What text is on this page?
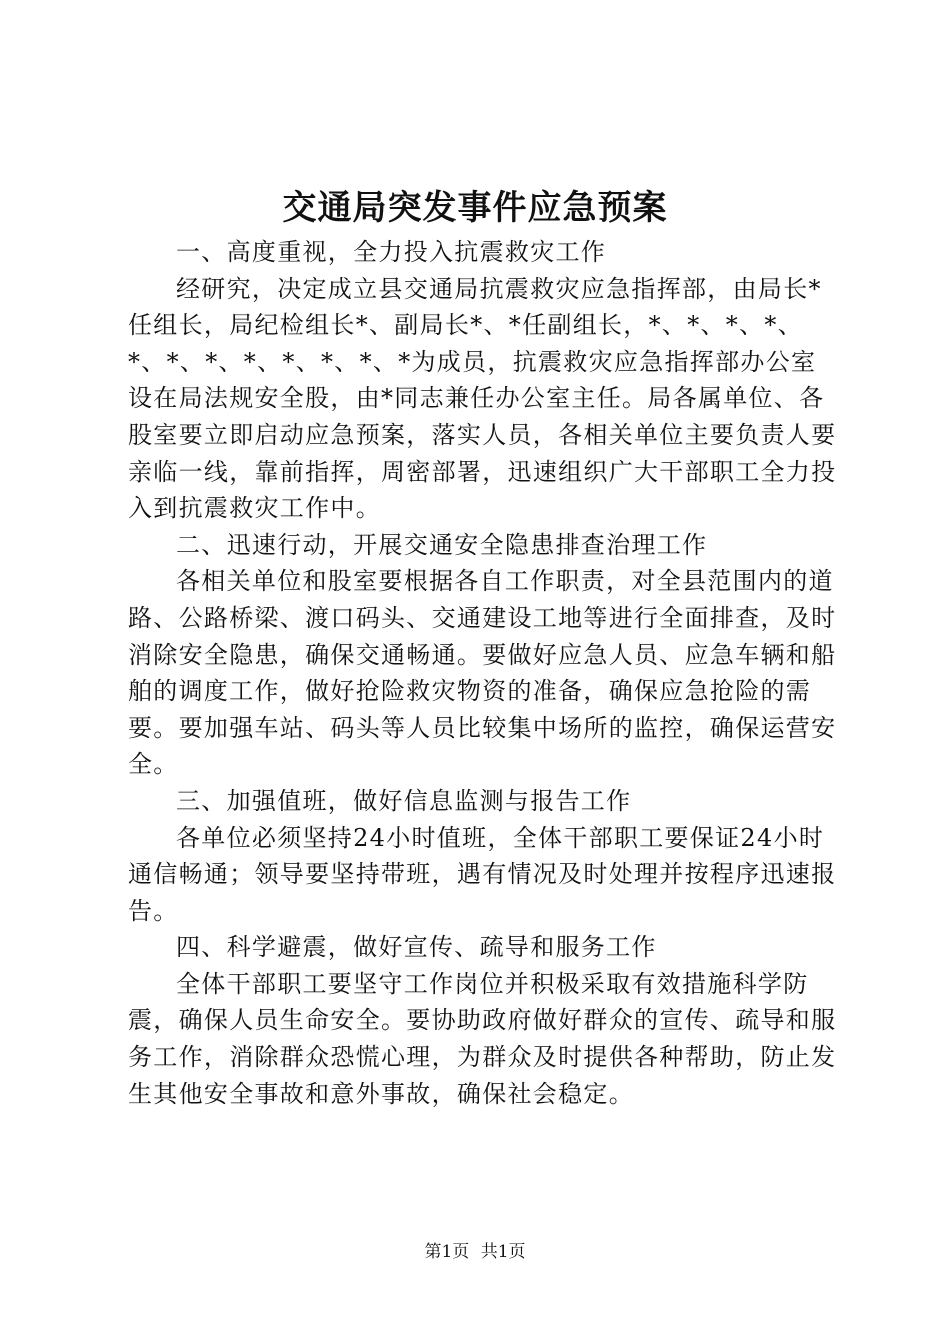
交通局突发事件应急预案

一、高度重视，全力投入抗震救灾工作

经研究，决定成立县交通局抗震救灾应急指挥部，由局长*任组长，局纪检组长*、副局长*、*任副组长，*、*、*、*、*、*、*、*、*、*、*、*为成员，抗震救灾应急指挥部办公室设在局法规安全股，由*同志兼任办公室主任。局各属单位、各股室要立即启动应急预案，落实人员，各相关单位主要负责人要亲临一线，靠前指挥，周密部署，迅速组织广大干部职工全力投入到抗震救灾工作中。

二、迅速行动，开展交通安全隐患排查治理工作

各相关单位和股室要根据各自工作职责，对全县范围内的道路、公路桥梁、渡口码头、交通建设工地等进行全面排查，及时消除安全隐患，确保交通畅通。要做好应急人员、应急车辆和船舶的调度工作，做好抢险救灾物资的准备，确保应急抢险的需要。要加强车站、码头等人员比较集中场所的监控，确保运营安全。

三、加强值班，做好信息监测与报告工作

各单位必须坚持24小时值班，全体干部职工要保证24小时通信畅通；领导要坚持带班，遇有情况及时处理并按程序迅速报告。

四、科学避震，做好宣传、疏导和服务工作

全体干部职工要坚守工作岗位并积极采取有效措施科学防震，确保人员生命安全。要协助政府做好群众的宣传、疏导和服务工作，消除群众恐慌心理，为群众及时提供各种帮助，防止发生其他安全事故和意外事故，确保社会稳定。

第1页 共1页
